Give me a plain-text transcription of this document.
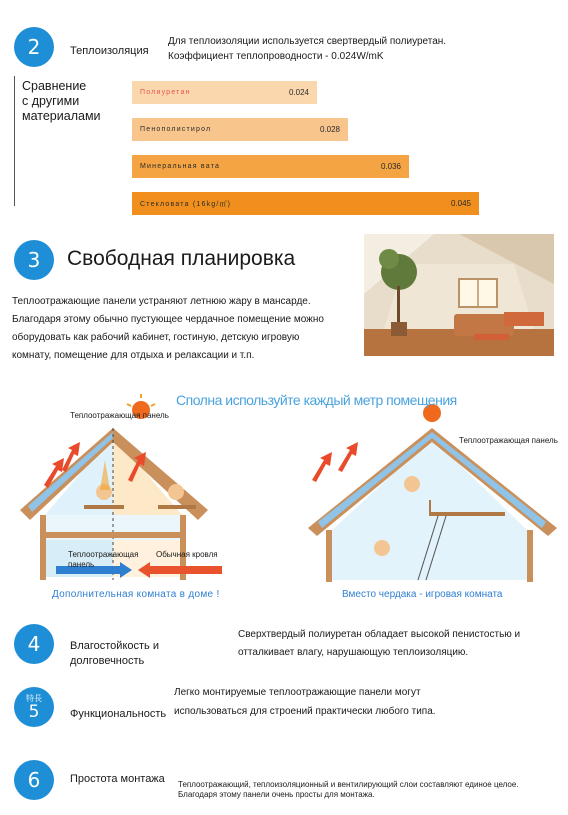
2	Теплоизоляция
Для теплоизоляции используется свертвердый полиуретан.
Коэффициент теплопроводности - 0.024W/mK
Сравнение
с другими
материалами
Полиуретан	0.024
Пенополистирол	0.028
Минеральная вата	0.036
Стекловата (16kg/㎥)	0.045
3	Свободная планировка
Теплоотражающие панели устраняют летнюю жару в мансарде.
Благодаря этому обычно пустующее чердачное помещение можно
оборудовать как рабочий кабинет, гостиную, детскую игровую
комнату, помещение для отдыха и релаксации и т.п.
Сполна используйте каждый метр помещения
Теплоотражающая панель
Теплоотражающая панель
Теплоотражающая
панель
Обычная кровля
Дополнительная комната в доме !	Вместо чердака - игровая комната
4	Влагостойкость и
долговечность
Сверхтвердый полиуретан обладает высокой пенистостью и
отталкивает влагу, нарушающую теплоизоляцию.
特長
5	Функциональность
Легко монтируемые теплоотражающие панели могут
использоваться для строений практически любого типа.
6	Простота монтажа Теплоотражающий, теплоизоляционный и вентилирующий слои составляют единое целое.
Благодаря этому панели очень просты для монтажа.
